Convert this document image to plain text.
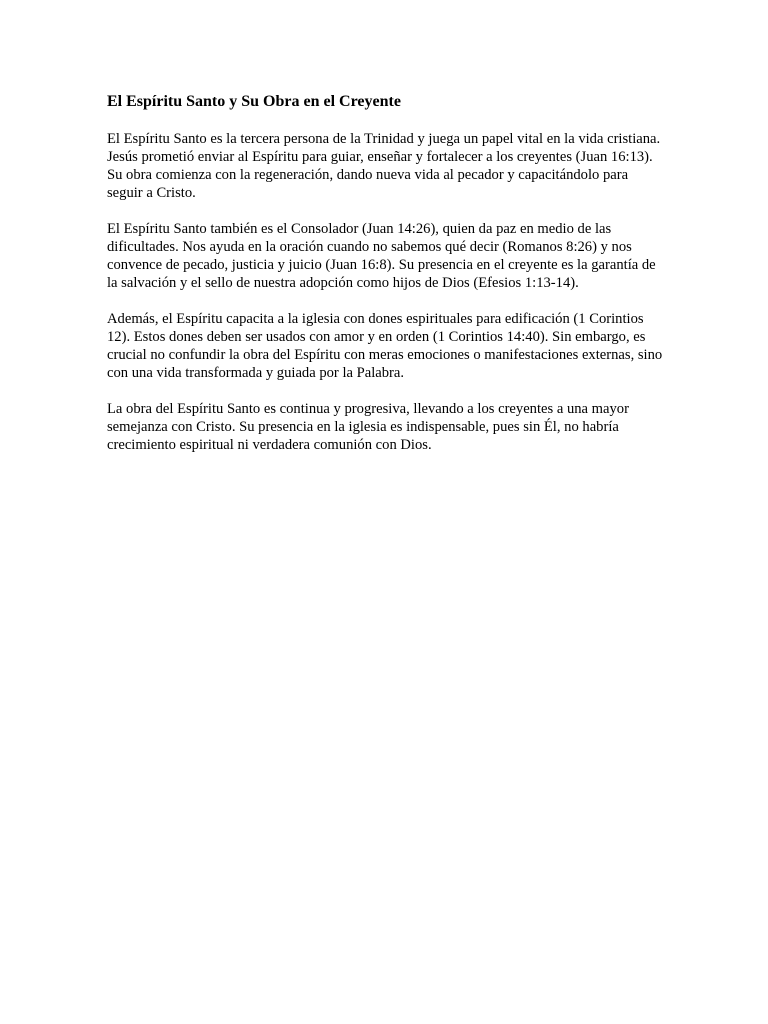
El Espíritu Santo y Su Obra en el Creyente

El Espíritu Santo es la tercera persona de la Trinidad y juega un papel vital en la vida cristiana. Jesús prometió enviar al Espíritu para guiar, enseñar y fortalecer a los creyentes (Juan 16:13). Su obra comienza con la regeneración, dando nueva vida al pecador y capacitándolo para seguir a Cristo.

El Espíritu Santo también es el Consolador (Juan 14:26), quien da paz en medio de las dificultades. Nos ayuda en la oración cuando no sabemos qué decir (Romanos 8:26) y nos convence de pecado, justicia y juicio (Juan 16:8). Su presencia en el creyente es la garantía de la salvación y el sello de nuestra adopción como hijos de Dios (Efesios 1:13-14).

Además, el Espíritu capacita a la iglesia con dones espirituales para edificación (1 Corintios 12). Estos dones deben ser usados con amor y en orden (1 Corintios 14:40). Sin embargo, es crucial no confundir la obra del Espíritu con meras emociones o manifestaciones externas, sino con una vida transformada y guiada por la Palabra.

La obra del Espíritu Santo es continua y progresiva, llevando a los creyentes a una mayor semejanza con Cristo. Su presencia en la iglesia es indispensable, pues sin Él, no habría crecimiento espiritual ni verdadera comunión con Dios.
